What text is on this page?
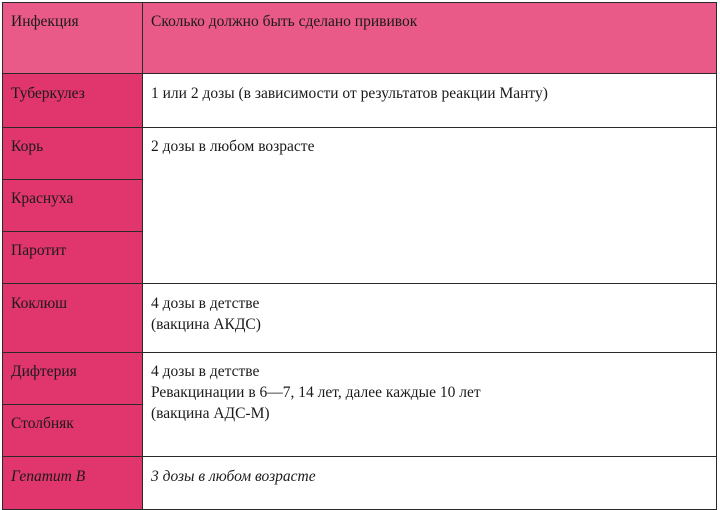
Инфекция	Сколько должно быть сделано прививок
Туберкулез	1 или 2 дозы (в зависимости от результатов реакции Манту)

Корь	2 дозы в любом возрасте

Краснуха	
Паротит	
Коклюш	4 дозы в детстве
(вакцина АКДС)

Дифтерия	4 дозы в детстве
Ревакцинации в 6—7, 14 лет, далее каждые 10 лет
(вакцина АДС-М)

Столбняк	
Гепатит В	3 дозы в любом возрасте
